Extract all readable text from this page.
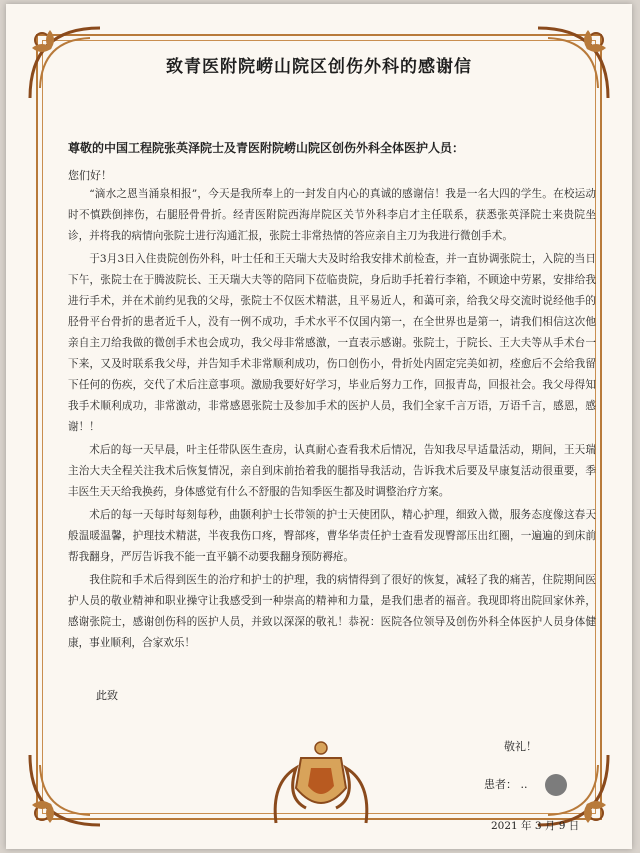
致青医附院崂山院区创伤外科的感谢信
尊敬的中国工程院张英泽院士及青医附院崂山院区创伤外科全体医护人员：
您们好！

“滴水之恩当涌泉相报”，今天是我所奉上的一封发自内心的真诚的感谢信！我是一名大四的学生。在校运动时不慎跌倒摔伤，右腿胫骨骨折。经青医附院西海岸院区关节外科李启才主任联系，获悉张英泽院士来贵院坐诊，并将我的病情向张院士进行沟通汇报，张院士非常热情的答应亲自主刀为我进行微创手术。

于3月3日入住贵院创伤外科，叶士任和王天瑞大夫及时给我安排术前检查，并一直协调张院士，入院的当日下午，张院士在于腾波院长、王天瑞大夫等的陪同下莅临贵院，身后助手托着行李箱，不顾途中劳累，安排给我进行手术，并在术前约见我的父母，张院士不仅医术精湛，且平易近人，和蔼可亲，给我父母交流时说经他手的胫骨平台骨折的患者近千人，没有一例不成功，手术水平不仅国内第一，在全世界也是第一，请我们相信这次他亲自主刀给我做的微创手术也会成功，我父母非常感激，一直表示感谢。张院士，于院长、王大夫等从手术台一下来，又及时联系我父母，并告知手术非常顺利成功，伤口创伤小，骨折处内固定完美如初，痊愈后不会给我留下任何的伤疾，交代了术后注意事项。激励我要好好学习，毕业后努力工作，回报青岛，回报社会。我父母得知我手术顺利成功，非常激动，非常感恩张院士及参加手术的医护人员，我们全家千言万语，万语千言，感恩，感谢！！

术后的每一天早晨，叶主任带队医生查房，认真耐心查看我术后情况，告知我尽早适量活动，期间，王天瑞主治大夫全程关注我术后恢复情况，亲自到床前抬着我的腿指导我活动，告诉我术后要及早康复活动很重要，季丰医生天天给我换药，身体感觉有什么不舒服的告知季医生都及时调整治疗方案。

术后的每一天每时每刻每秒，曲颢利护士长带领的护士天使团队，精心护理，细致入微，服务态度像这春天般温暖温馨，护理技术精湛，半夜我伤口疼，臀部疼，曹华华责任护士查看发现臀部压出红圈，一遍遍的到床前帮我翻身，严厉告诉我不能一直平躺不动要我翻身预防褥疮。

我住院和手术后得到医生的治疗和护士的护理，我的病情得到了很好的恢复，减轻了我的痛苦，住院期间医护人员的敬业精神和职业操守让我感受到一种崇高的精神和力量，是我们患者的福音。我现即将出院回家休养，感谢张院士，感谢创伤科的医护人员，并致以深深的敬礼！恭祝：医院各位领导及创伤外科全体医护人员身体健康，事业顺利，合家欢乐！

此致
敬礼！
患者： ..
2021 年 3 月 9 日
